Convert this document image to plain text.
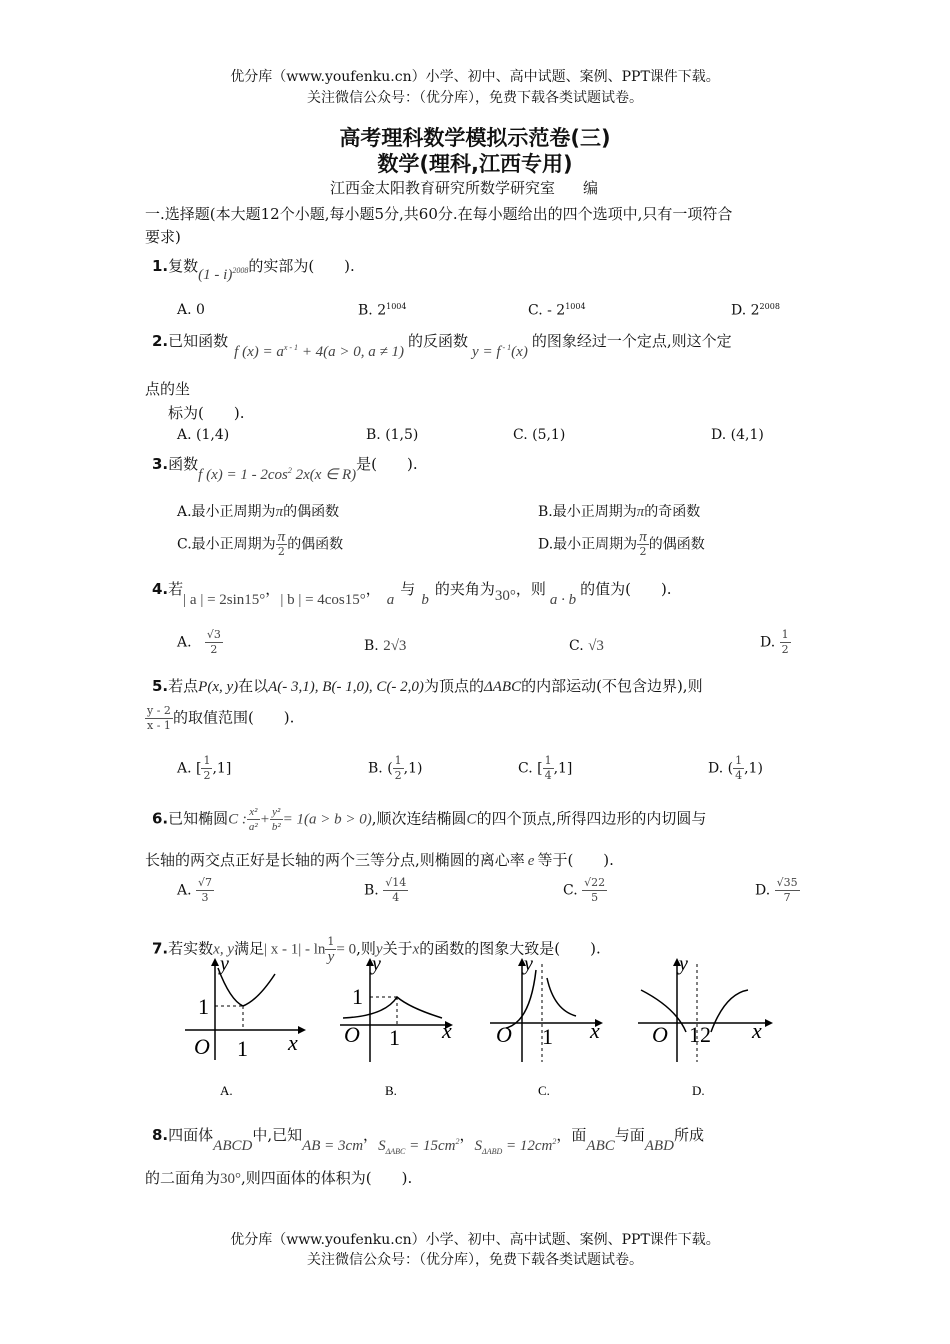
优分库（www.youfenku.cn）小学、初中、高中试题、案例、PPT课件下载。
关注微信公众号：（优分库），免费下载各类试题试卷。
高考理科数学模拟示范卷(三)
数学(理科,江西专用)
江西金太阳教育研究所数学研究室 编
一.选择题(本大题12个小题,每小题5分,共60分.在每小题给出的四个选项中,只有一项符合
要求)
1.复数(1 - i)$^{2008}$的实部为(　　).
A. 0	B. $2^{1004}$	C. - $2^{1004}$	D. $2^{2008}$
2.已知函数f $(x) = a^{x - 1} + 4(a > 0$, a ≠ 1)的反函数y = f $^{- 1}$(x)的图象经过一个定点,则这个定
点的坐
标为(　　).
A. (1,4)	B. (1,5)	C. (5,1)	D. (4,1)
3.函数f $(x) = 1 - 2\cos^2$ 2x(x ∈ R)是(　　).
A.最小正周期为π的偶函数	B.最小正周期为π的奇函数
C.最小正周期为 $\frac{\pi}{2}$ 的偶函数	D.最小正周期为 $\frac{\pi}{2}$ 的偶函数
4.若| a | = 2sin15°，| b | = 4cos15°，a与b的夹角为30°，则a · b的值为(　　).
A. $\frac{√3}{2}$	B. 2√3	C. √3	D. $\frac{1}{2}$
5.若点P(x, y)在以A(- 3,1), B(- 1,0), C(- 2,0)为顶点的ΔABC的内部运动(不包含边界),则
$\frac{y - 2}{x - 1}$ 的取值范围(　　).
A. [ $\frac{1}{2} ,1$]	B. ( $\frac{1}{2} ,1$)	C. [ $\frac{1}{4} ,1$]	D. ( $\frac{1}{4} ,1$)
6.已知椭圆C : $\frac{\text{x²}}{\text{a²}} + \frac{\text{y²}}{\text{b²}} = 1(a > b > 0)$,顺次连结椭圆C的四个顶点,所得四边形的内切圆与
长轴的两交点正好是长轴的两个三等分点,则椭圆的离心率 e 等于(　　).
A. $\frac{√7}{3}$	B. $\frac{√14}{4}$	C. $\frac{√22}{5}$	D. $\frac{√35}{7}$
7.若实数x, y满足| $x - 1| - \ln \frac{1}{y} = 0$,则y关于x的函数的图象大致是(　　).
y
x
O
1
1
A.
y
x
O
1
1
B.
y
x
O 1
C.
y
x
O 12
D.
8.四面体ABCD中,已知AB = 3cm，$S_{\Delta ABC} = 15cm^2$，$S_{\Delta ABD} = 12cm^2$，面ABC与面ABD所成
的二面角为30°,则四面体的体积为(　　).
优分库（www.youfenku.cn）小学、初中、高中试题、案例、PPT课件下载。
关注微信公众号：（优分库），免费下载各类试题试卷。
